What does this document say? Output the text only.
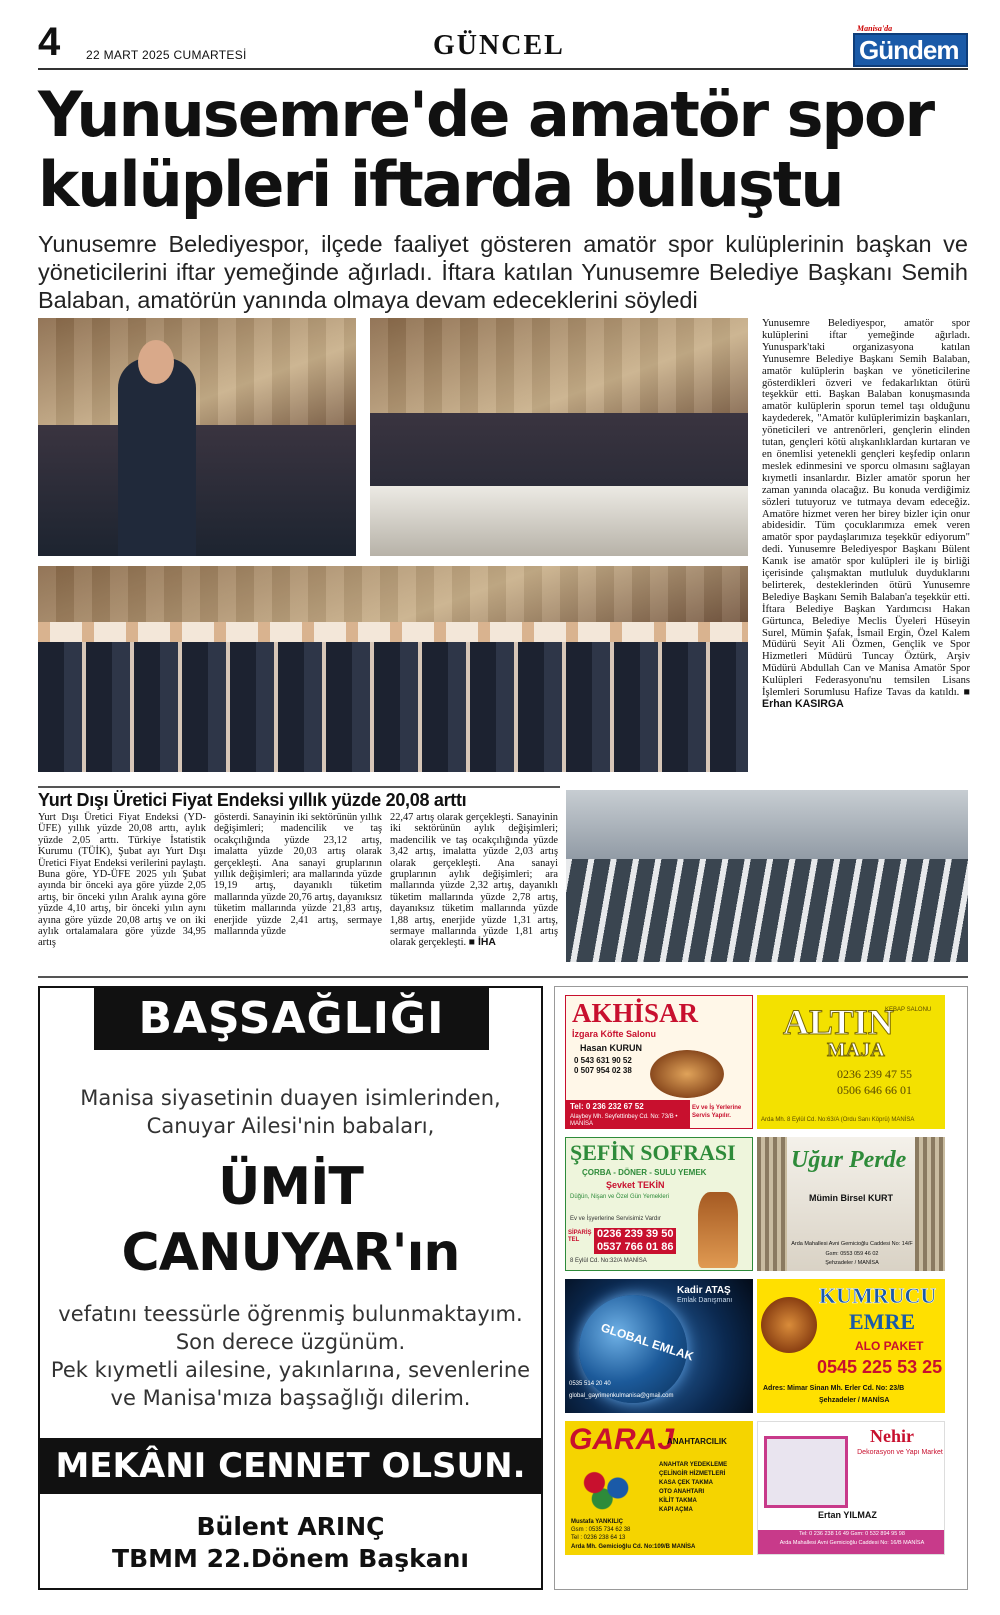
4 22 MART 2025 CUMARTESİ	GÜNCEL
Manisa'da
Gündem
Yunusemre'de amatör spor
kulüpleri iftarda buluştu
Yunusemre Belediyespor, ilçede faaliyet gösteren amatör spor kulüplerinin başkan ve yöneticilerini iftar yemeğinde ağırladı. İftara katılan Yunusemre Belediye Başkanı Semih Balaban, amatörün yanında olmaya devam edeceklerini söyledi
Yunusemre Belediyespor, amatör spor kulüplerini iftar yemeğinde ağırladı. Yunuspark'taki organizasyona katılan Yunusemre Belediye Başkanı Semih Balaban, amatör kulüplerin başkan ve yöneticilerine gösterdikleri özveri ve fedakarlıktan ötürü teşekkür etti. Başkan Balaban konuşmasında amatör kulüplerin sporun temel taşı olduğunu kaydederek, "Amatör kulüplerimizin başkanları, yöneticileri ve antrenörleri, gençlerin elinden tutan, gençleri kötü alışkanlıklardan kurtaran ve en önemlisi yetenekli gençleri keşfedip onların meslek edinmesini ve sporcu olmasını sağlayan kıymetli insanlardır. Bizler amatör sporun her zaman yanında olacağız. Bu konuda verdiğimiz sözleri tutuyoruz ve tutmaya devam edeceğiz. Amatöre hizmet veren her birey bizler için onur abidesidir. Tüm çocuklarımıza emek veren amatör spor paydaşlarımıza teşekkür ediyorum" dedi. Yunusemre Belediyespor Başkanı Bülent Kanık ise amatör spor kulüpleri ile iş birliği içerisinde çalışmaktan mutluluk duyduklarını belirterek, desteklerinden ötürü Yunusemre Belediye Başkanı Semih Balaban'a teşekkür etti. İftara Belediye Başkan Yardımcısı Hakan Gürtunca, Belediye Meclis Üyeleri Hüseyin Surel, Mümin Şafak, İsmail Ergin, Özel Kalem Müdürü Seyit Ali Özmen, Gençlik ve Spor Hizmetleri Müdürü Tuncay Öztürk, Arşiv Müdürü Abdullah Can ve Manisa Amatör Spor Kulüpleri Federasyonu'nu temsilen Lisans İşlemleri Sorumlusu Hafize Tavas da katıldı. ■ Erhan KASIRGA
Yurt Dışı Üretici Fiyat Endeksi yıllık yüzde 20,08 arttı
Yurt Dışı Üretici Fiyat Endeksi (YD-ÜFE) yıllık yüzde 20,08 arttı, aylık yüzde 2,05 arttı. Türkiye İstatistik Kurumu (TÜİK), Şubat ayı Yurt Dışı Üretici Fiyat Endeksi verilerini paylaştı. Buna göre, YD-ÜFE 2025 yılı Şubat ayında bir önceki aya göre yüzde 2,05 artış, bir önceki yılın Aralık ayına göre yüzde 4,10 artış, bir önceki yılın aynı ayına göre yüzde 20,08 artış ve on iki aylık ortalamalara göre yüzde 34,95 artış
gösterdi. Sanayinin iki sektörünün yıllık değişimleri; madencilik ve taş ocakçılığında yüzde 23,12 artış, imalatta yüzde 20,03 artış olarak gerçekleşti. Ana sanayi gruplarının yıllık değişimleri; ara mallarında yüzde 19,19 artış, dayanıklı tüketim mallarında yüzde 20,76 artış, dayanıksız tüketim mallarında yüzde 21,83 artış, enerjide yüzde 2,41 artış, sermaye mallarında yüzde
22,47 artış olarak gerçekleşti. Sanayinin iki sektörünün aylık değişimleri; madencilik ve taş ocakçılığında yüzde 3,42 artış, imalatta yüzde 2,03 artış olarak gerçekleşti. Ana sanayi gruplarının aylık değişimleri; ara mallarında yüzde 2,32 artış, dayanıklı tüketim mallarında yüzde 2,78 artış, dayanıksız tüketim mallarında yüzde 1,88 artış, enerjide yüzde 1,31 artış, sermaye mallarında yüzde 1,81 artış olarak gerçekleşti. ■ İHA
BAŞSAĞLIĞI
Manisa siyasetinin duayen isimlerinden,
Canuyar Ailesi'nin babaları,
ÜMİT
CANUYAR'ın
vefatını teessürle öğrenmiş bulunmaktayım.
Son derece üzgünüm.
Pek kıymetli ailesine, yakınlarına, sevenlerine
ve Manisa'mıza başsağlığı dilerim.
MEKÂNI CENNET OLSUN.
Bülent ARINÇ
TBMM 22.Dönem Başkanı
AKHİSAR
İzgara Köfte Salonu
Hasan KURUN
0 543 631 90 52
0 507 954 02 38
Tel: 0 236 232 67 52
Alaybey Mh. Seyfettinbey Cd. No: 73/B • MANİSA
Ev ve İş Yerlerine Servis Yapılır.
ALTIN
KEBAP SALONU
MAJA
0236 239 47 55
0506 646 66 01
Arda Mh. 8 Eylül Cd. No:63/A (Ordu Sanı Köprü) MANİSA
ŞEFİN SOFRASI
ÇORBA - DÖNER - SULU YEMEK
Şevket TEKİN
Düğün, Nişan ve Özel Gün Yemekleri
Ev ve İşyerlerine Servisimiz Vardır
SİPARİŞ TEL	0236 239 39 50
0537 766 01 86
8 Eylül Cd. No:32/A MANİSA
Uğur Perde
Mümin Birsel KURT
Arda Mahallesi Avni Gemicioğlu Caddesi No: 14/F
Gsm: 0553 059 46 02
Şehzadeler / MANİSA
GLOBAL EMLAK
Kadir ATAŞ
Emlak Danışmanı
0535 514 20 40
global_gayrimenkulmanisa@gmail.com
KUMRUCU
EMRE
ALO PAKET
0545 225 53 25
Adres: Mimar Sinan Mh. Erler Cd. No: 23/B
Şehzadeler / MANİSA
GARAJ
ANAHTARCILIK
ANAHTAR YEDEKLEME
ÇELİNGİR HİZMETLERİ
KASA ÇEK TAKMA
OTO ANAHTARI
KİLİT TAKMA
KAPI AÇMA
Mustafa YANKILIÇ
Gsm : 0535 734 62 38
Tel : 0236 238 64 13
Arda Mh. Gemicioğlu Cd. No:109/B MANİSA
Nehir
Dekorasyon ve Yapı Market
Ertan YILMAZ
Tel: 0 236 238 16 49 Gsm: 0 532 894 95 98
Arda Mahallesi Avni Gemicioğlu Caddesi No: 16/B MANİSA
